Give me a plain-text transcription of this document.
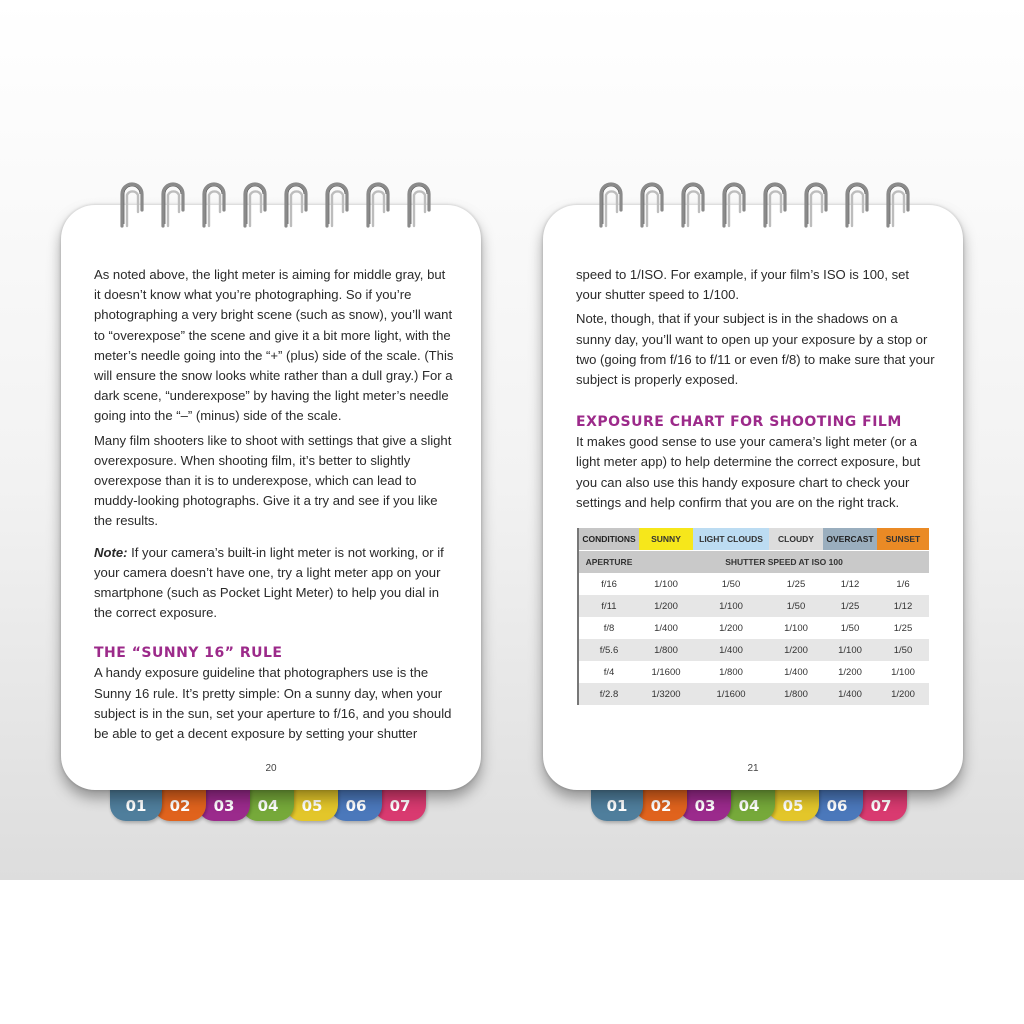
01	02	03	04	05	06	07

As noted above, the light meter is aiming for middle gray, but it doesn’t know what you’re photographing. So if you’re photographing a very bright scene (such as snow), you’ll want to “overexpose” the scene and give it a bit more light, with the meter’s needle going into the “+” (plus) side of the scale. (This will ensure the snow looks white rather than a dull gray.) For a dark scene, “underexpose” by having the light meter’s needle going into the “–” (minus) side of the scale.

Many film shooters like to shoot with settings that give a slight overexposure. When shooting film, it’s better to slightly overexpose than it is to underexpose, which can lead to muddy-looking photographs. Give it a try and see if you like the results.

Note: If your camera’s built-in light meter is not working, or if your camera doesn’t have one, try a light meter app on your smartphone (such as Pocket Light Meter) to help you dial in the correct exposure.

THE “SUNNY 16” RULE

A handy exposure guideline that photographers use is the Sunny 16 rule. It’s pretty simple: On a sunny day, when your subject is in the sun, set your aperture to f/16, and you should be able to get a decent exposure by setting your shutter

20
01	02	03	04	05	06	07

speed to 1/ISO. For example, if your film’s ISO is 100, set your shutter speed to 1/100.

Note, though, that if your subject is in the shadows on a sunny day, you’ll want to open up your exposure by a stop or two (going from f/16 to f/11 or even f/8) to make sure that your subject is properly exposed.

EXPOSURE CHART FOR SHOOTING FILM

It makes good sense to use your camera’s light meter (or a light meter app) to help determine the correct exposure, but you can also use this handy exposure chart to check your settings and help confirm that you are on the right track.

21
CONDITIONS	SUNNY	LIGHT CLOUDS	CLOUDY	OVERCAST	SUNSET
APERTURE	SHUTTER SPEED AT ISO 100				
f/16	1/100	1/50	1/25	1/12	1/6
f/11	1/200	1/100	1/50	1/25	1/12
f/8	1/400	1/200	1/100	1/50	1/25
f/5.6	1/800	1/400	1/200	1/100	1/50
f/4	1/1600	1/800	1/400	1/200	1/100
f/2.8	1/3200	1/1600	1/800	1/400	1/200
